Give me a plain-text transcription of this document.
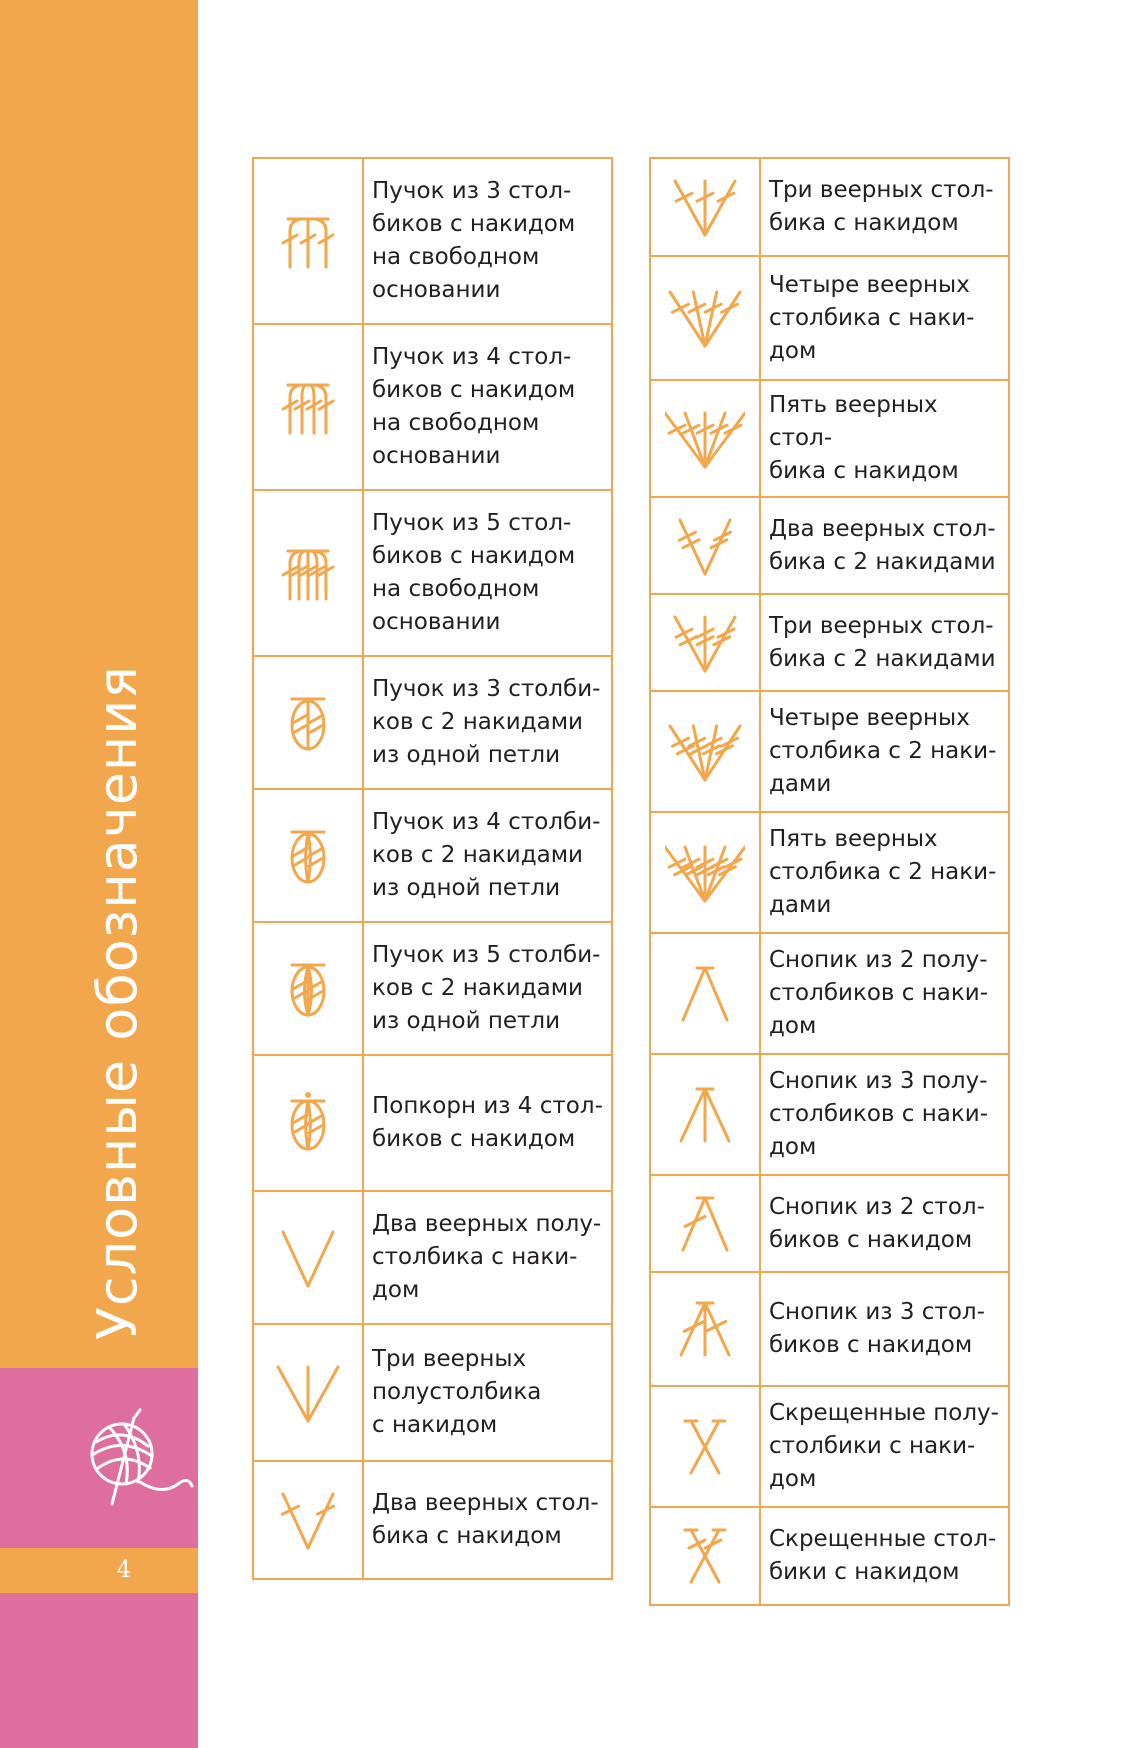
Условные обозначения
4
	Пучок из 3 стол-
биков с накидом
на свободном
основании

	Пучок из 4 стол-
биков с накидом
на свободном
основании

	Пучок из 5 стол-
биков с накидом
на свободном
основании

	Пучок из 3 столби-
ков с 2 накидами
из одной петли

	Пучок из 4 столби-
ков с 2 накидами
из одной петли

	Пучок из 5 столби-
ков с 2 накидами
из одной петли

	Попкорн из 4 стол-
биков с накидом

	Два веерных полу-
столбика с наки-
дом

	Три веерных
полустолбика
с накидом

	Два веерных стол-
бика с накидом
	Три веерных стол-
бика с накидом

	Четыре веерных
столбика с наки-
дом

	Пять веерных стол-
бика с накидом

	Два веерных стол-
бика с 2 накидами

	Три веерных стол-
бика с 2 накидами

	Четыре веерных
столбика с 2 наки-
дами

	Пять веерных
столбика с 2 наки-
дами

	Снопик из 2 полу-
столбиков с наки-
дом

	Снопик из 3 полу-
столбиков с наки-
дом

	Снопик из 2 стол-
биков с накидом

	Снопик из 3 стол-
биков с накидом

	Скрещенные полу-
столбики с наки-
дом

	Скрещенные стол-
бики с накидом
